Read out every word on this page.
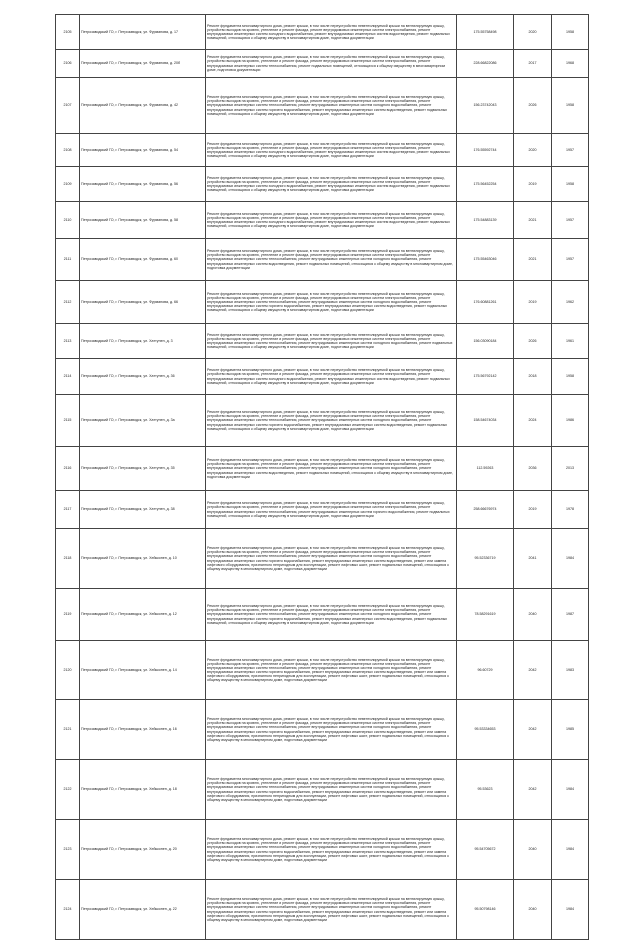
2105	Петрозаводский ГО, г. Петрозаводск, ул. Фурманова, д. 17	Ремонт фундамента многоквартирного дома, ремонт крыши, в том числе переустройство невентилируемой крыши на вентилируемую крышу, устройство выходов на кровлю, утепление и ремонт фасада, ремонт внутридомовых инженерных систем электроснабжения, ремонт внутридомовых инженерных систем холодного водоснабжения, ремонт внутридомовых инженерных систем водоотведения, ремонт подвальных помещений, относящихся к общему имуществу в многоквартирном доме, подготовка документации	175.55758498	2020	1958
2106	Петрозаводский ГО, г. Петрозаводск, ул. Фурманова, д. 20б	Ремонт фундамента многоквартирного дома, ремонт крыши, в том числе переустройство невентилируемой крыши на вентилируемую крышу, устройство выходов на кровлю, утепление и ремонт фасада, ремонт внутридомовых инженерных систем электроснабжения, ремонт внутридомовых инженерных систем теплоснабжения, ремонт подвальных помещений, относящихся к общему имуществу в многоквартирном доме, подготовка документации	228.66822086	2017	1968
2107	Петрозаводский ГО, г. Петрозаводск, ул. Фурманова, д. 42	Ремонт фундамента многоквартирного дома, ремонт крыши, в том числе переустройство невентилируемой крыши на вентилируемую крышу, устройство выходов на кровлю, утепление и ремонт фасада, ремонт внутридомовых инженерных систем электроснабжения, ремонт внутридомовых инженерных систем теплоснабжения, ремонт внутридомовых инженерных систем холодного водоснабжения, ремонт внутридомовых инженерных систем горячего водоснабжения, ремонт внутридомовых инженерных систем водоотведения, ремонт подвальных помещений, относящихся к общему имуществу в многоквартирном доме, подготовка документации	156.23742043	2026	1958
2108	Петрозаводский ГО, г. Петрозаводск, ул. Фурманова, д. 54	Ремонт фундамента многоквартирного дома, ремонт крыши, в том числе переустройство невентилируемой крыши на вентилируемую крышу, устройство выходов на кровлю, утепление и ремонт фасада, ремонт внутридомовых инженерных систем электроснабжения, ремонт внутридомовых инженерных систем холодного водоснабжения, ремонт внутридомовых инженерных систем водоотведения, ремонт подвальных помещений, относящихся к общему имуществу в многоквартирном доме, подготовка документации	176.55592744	2020	1957
2109	Петрозаводский ГО, г. Петрозаводск, ул. Фурманова, д. 56	Ремонт фундамента многоквартирного дома, ремонт крыши, в том числе переустройство невентилируемой крыши на вентилируемую крышу, устройство выходов на кровлю, утепление и ремонт фасада, ремонт внутридомовых инженерных систем электроснабжения, ремонт внутридомовых инженерных систем холодного водоснабжения, ремонт внутридомовых инженерных систем водоотведения, ремонт подвальных помещений, относящихся к общему имуществу в многоквартирном доме, подготовка документации	175.56452254	2019	1958
2110	Петрозаводский ГО, г. Петрозаводск, ул. Фурманова, д. 58	Ремонт фундамента многоквартирного дома, ремонт крыши, в том числе переустройство невентилируемой крыши на вентилируемую крышу, устройство выходов на кровлю, утепление и ремонт фасада, ремонт внутридомовых инженерных систем электроснабжения, ремонт внутридомовых инженерных систем холодного водоснабжения, ремонт внутридомовых инженерных систем водоотведения, ремонт подвальных помещений, относящихся к общему имуществу в многоквартирном доме, подготовка документации	175.54883139	2021	1957
2111	Петрозаводский ГО, г. Петрозаводск, ул. Фурманова, д. 60	Ремонт фундамента многоквартирного дома, ремонт крыши, в том числе переустройство невентилируемой крыши на вентилируемую крышу, устройство выходов на кровлю, утепление и ремонт фасада, ремонт внутридомовых инженерных систем электроснабжения, ремонт внутридомовых инженерных систем теплоснабжения, ремонт внутридомовых инженерных систем холодного водоснабжения, ремонт внутридомовых инженерных систем водоотведения, ремонт подвальных помещений, относящихся к общему имуществу в многоквартирном доме, подготовка документации	175.55463046	2021	1957
2112	Петрозаводский ГО, г. Петрозаводск, ул. Фурманова, д. 66	Ремонт фундамента многоквартирного дома, ремонт крыши, в том числе переустройство невентилируемой крыши на вентилируемую крышу, устройство выходов на кровлю, утепление и ремонт фасада, ремонт внутридомовых инженерных систем электроснабжения, ремонт внутридомовых инженерных систем теплоснабжения, ремонт внутридомовых инженерных систем холодного водоснабжения, ремонт внутридомовых инженерных систем горячего водоснабжения, ремонт внутридомовых инженерных систем водоотведения, ремонт подвальных помещений, относящихся к общему имуществу в многоквартирном доме, подготовка документации	176.60881261	2019	1962
2113	Петрозаводский ГО, г. Петрозаводск, ул. Хаттунен, д. 3	Ремонт фундамента многоквартирного дома, ремонт крыши, в том числе переустройство невентилируемой крыши на вентилируемую крышу, устройство выходов на кровлю, утепление и ремонт фасада, ремонт внутридомовых инженерных систем электроснабжения, ремонт внутридомовых инженерных систем теплоснабжения, ремонт внутридомовых инженерных систем холодного водоснабжения, ремонт подвальных помещений, относящихся к общему имуществу в многоквартирном доме, подготовка документации	156.03090184	2026	1961
2114	Петрозаводский ГО, г. Петрозаводск, ул. Хаттунен, д. 36	Ремонт фундамента многоквартирного дома, ремонт крыши, в том числе переустройство невентилируемой крыши на вентилируемую крышу, устройство выходов на кровлю, утепление и ремонт фасада, ремонт внутридомовых инженерных систем электроснабжения, ремонт внутридомовых инженерных систем холодного водоснабжения, ремонт внутридомовых инженерных систем водоотведения, ремонт подвальных помещений, относящихся к общему имуществу в многоквартирном доме, подготовка документации	175.56792142	2018	1958
2115	Петрозаводский ГО, г. Петрозаводск, ул. Хаттунен, д. 3а	Ремонт фундамента многоквартирного дома, ремонт крыши, в том числе переустройство невентилируемой крыши на вентилируемую крышу, устройство выходов на кровлю, утепление и ремонт фасада, ремонт внутридомовых инженерных систем электроснабжения, ремонт внутридомовых инженерных систем теплоснабжения, ремонт внутридомовых инженерных систем холодного водоснабжения, ремонт внутридомовых инженерных систем горячего водоснабжения, ремонт внутридомовых инженерных систем водоотведения, ремонт подвальных помещений, относящихся к общему имуществу в многоквартирном доме, подготовка документации	158.54674034	2024	1986
2116	Петрозаводский ГО, г. Петрозаводск, ул. Хаттунен, д. 35	Ремонт фундамента многоквартирного дома, ремонт крыши, в том числе переустройство невентилируемой крыши на вентилируемую крышу, устройство выходов на кровлю, утепление и ремонт фасада, ремонт внутридомовых инженерных систем электроснабжения, ремонт внутридомовых инженерных систем теплоснабжения, ремонт внутридомовых инженерных систем холодного водоснабжения, ремонт внутридомовых инженерных систем водоотведения, ремонт подвальных помещений, относящихся к общему имуществу в многоквартирном доме, подготовка документации	112.59263	2036	2013
2117	Петрозаводский ГО, г. Петрозаводск, ул. Хаттунен, д. 38	Ремонт фундамента многоквартирного дома, ремонт крыши, в том числе переустройство невентилируемой крыши на вентилируемую крышу, устройство выходов на кровлю, утепление и ремонт фасада, ремонт внутридомовых инженерных систем электроснабжения, ремонт внутридомовых инженерных систем теплоснабжения, ремонт внутридомовых инженерных систем горячего водоснабжения, ремонт подвальных помещений, относящихся к общему имуществу в многоквартирном доме, подготовка документации	258.66676974	2019	1978
2118	Петрозаводский ГО, г. Петрозаводск, ул. Хейкконен, д. 10	Ремонт фундамента многоквартирного дома, ремонт крыши, в том числе переустройство невентилируемой крыши на вентилируемую крышу, устройство выходов на кровлю, утепление и ремонт фасада, ремонт внутридомовых инженерных систем электроснабжения, ремонт внутридомовых инженерных систем теплоснабжения, ремонт внутридомовых инженерных систем холодного водоснабжения, ремонт внутридомовых инженерных систем горячего водоснабжения, ремонт внутридомовых инженерных систем водоотведения, ремонт или замена лифтового оборудования, признанного непригодным для эксплуатации, ремонт лифтовых шахт, ремонт подвальных помещений, относящихся к общему имуществу в многоквартирном доме, подготовка документации	95.52336719	2041	1984
2119	Петрозаводский ГО, г. Петрозаводск, ул. Хейкконен, д. 12	Ремонт фундамента многоквартирного дома, ремонт крыши, в том числе переустройство невентилируемой крыши на вентилируемую крышу, устройство выходов на кровлю, утепление и ремонт фасада, ремонт внутридомовых инженерных систем электроснабжения, ремонт внутридомовых инженерных систем теплоснабжения, ремонт внутридомовых инженерных систем холодного водоснабжения, ремонт внутридомовых инженерных систем горячего водоснабжения, ремонт внутридомовых инженерных систем водоотведения, ремонт подвальных помещений, относящихся к общему имуществу в многоквартирном доме, подготовка документации	78.58291619	2040	1987
2120	Петрозаводский ГО, г. Петрозаводск, ул. Хейкконен, д. 14	Ремонт фундамента многоквартирного дома, ремонт крыши, в том числе переустройство невентилируемой крыши на вентилируемую крышу, устройство выходов на кровлю, утепление и ремонт фасада, ремонт внутридомовых инженерных систем электроснабжения, ремонт внутридомовых инженерных систем теплоснабжения, ремонт внутридомовых инженерных систем холодного водоснабжения, ремонт внутридомовых инженерных систем горячего водоснабжения, ремонт внутридомовых инженерных систем водоотведения, ремонт или замена лифтового оборудования, признанного непригодным для эксплуатации, ремонт лифтовых шахт, ремонт подвальных помещений, относящихся к общему имуществу в многоквартирном доме, подготовка документации	96.60729	2042	1983
2121	Петрозаводский ГО, г. Петрозаводск, ул. Хейкконен, д. 16	Ремонт фундамента многоквартирного дома, ремонт крыши, в том числе переустройство невентилируемой крыши на вентилируемую крышу, устройство выходов на кровлю, утепление и ремонт фасада, ремонт внутридомовых инженерных систем электроснабжения, ремонт внутридомовых инженерных систем теплоснабжения, ремонт внутридомовых инженерных систем холодного водоснабжения, ремонт внутридомовых инженерных систем горячего водоснабжения, ремонт внутридомовых инженерных систем водоотведения, ремонт или замена лифтового оборудования, признанного непригодным для эксплуатации, ремонт лифтовых шахт, ремонт подвальных помещений, относящихся к общему имуществу в многоквартирном доме, подготовка документации	95.53334653	2042	1985
2122	Петрозаводский ГО, г. Петрозаводск, ул. Хейкконен, д. 18	Ремонт фундамента многоквартирного дома, ремонт крыши, в том числе переустройство невентилируемой крыши на вентилируемую крышу, устройство выходов на кровлю, утепление и ремонт фасада, ремонт внутридомовых инженерных систем электроснабжения, ремонт внутридомовых инженерных систем теплоснабжения, ремонт внутридомовых инженерных систем холодного водоснабжения, ремонт внутридомовых инженерных систем горячего водоснабжения, ремонт внутридомовых инженерных систем водоотведения, ремонт или замена лифтового оборудования, признанного непригодным для эксплуатации, ремонт лифтовых шахт, ремонт подвальных помещений, относящихся к общему имуществу в многоквартирном доме, подготовка документации	95.53623	2042	1984
2123	Петрозаводский ГО, г. Петрозаводск, ул. Хейкконен, д. 20	Ремонт фундамента многоквартирного дома, ремонт крыши, в том числе переустройство невентилируемой крыши на вентилируемую крышу, устройство выходов на кровлю, утепление и ремонт фасада, ремонт внутридомовых инженерных систем электроснабжения, ремонт внутридомовых инженерных систем теплоснабжения, ремонт внутридомовых инженерных систем холодного водоснабжения, ремонт внутридомовых инженерных систем горячего водоснабжения, ремонт внутридомовых инженерных систем водоотведения, ремонт или замена лифтового оборудования, признанного непригодным для эксплуатации, ремонт лифтовых шахт, ремонт подвальных помещений, относящихся к общему имуществу в многоквартирном доме, подготовка документации	95.54705672	2040	1984
2124	Петрозаводский ГО, г. Петрозаводск, ул. Хейкконен, д. 22	Ремонт фундамента многоквартирного дома, ремонт крыши, в том числе переустройство невентилируемой крыши на вентилируемую крышу, устройство выходов на кровлю, утепление и ремонт фасада, ремонт внутридомовых инженерных систем электроснабжения, ремонт внутридомовых инженерных систем теплоснабжения, ремонт внутридомовых инженерных систем холодного водоснабжения, ремонт внутридомовых инженерных систем горячего водоснабжения, ремонт внутридомовых инженерных систем водоотведения, ремонт или замена лифтового оборудования, признанного непригодным для эксплуатации, ремонт лифтовых шахт, ремонт подвальных помещений, относящихся к общему имуществу в многоквартирном доме, подготовка документации	95.50798146	2040	1984
